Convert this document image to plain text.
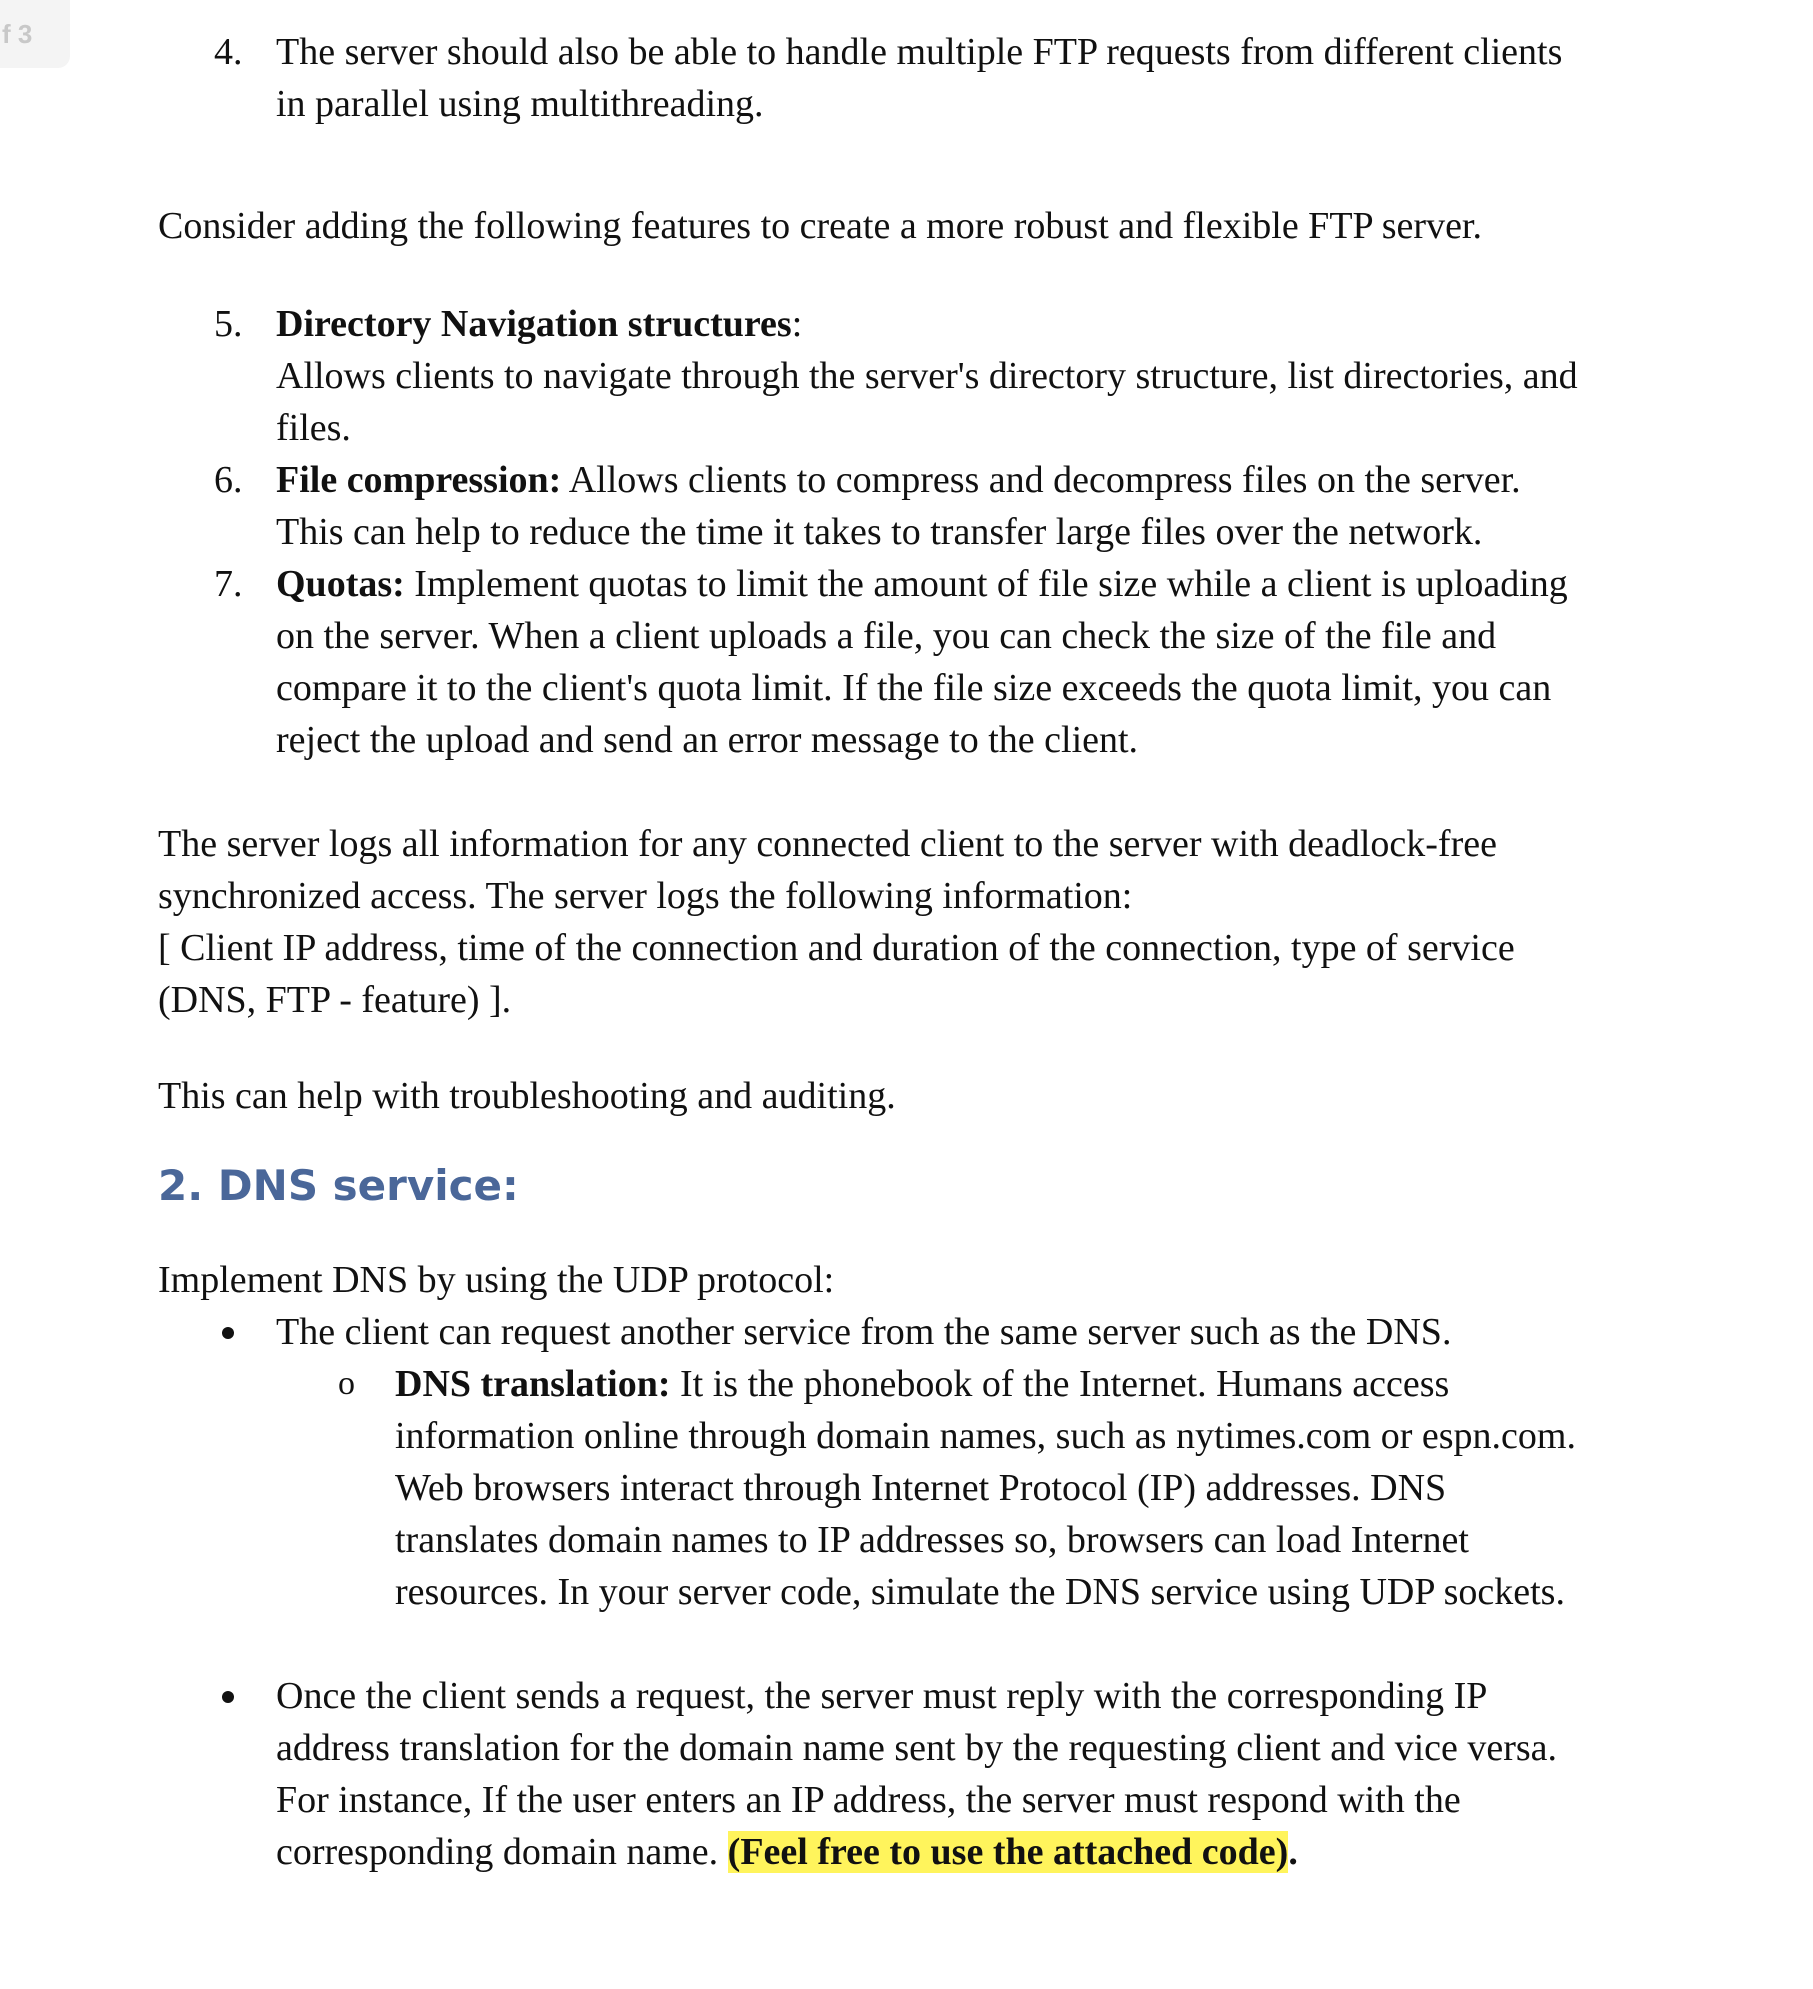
f 3	4. The server should also be able to handle multiple FTP requests from different clients
in parallel using multithreading.

Consider adding the following features to create a more robust and flexible FTP server.

5. Directory Navigation structures:
Allows clients to navigate through the server's directory structure, list directories, and
files.
6. File compression: Allows clients to compress and decompress files on the server.
This can help to reduce the time it takes to transfer large files over the network.
7. Quotas: Implement quotas to limit the amount of file size while a client is uploading
on the server. When a client uploads a file, you can check the size of the file and
compare it to the client's quota limit. If the file size exceeds the quota limit, you can
reject the upload and send an error message to the client.
The server logs all information for any connected client to the server with deadlock-free
synchronized access. The server logs the following information:
[ Client IP address, time of the connection and duration of the connection, type of service
(DNS, FTP - feature) ].

This can help with troubleshooting and auditing.

2. DNS service:

Implement DNS by using the UDP protocol:

The client can request another service from the same server such as the DNS.
o DNS translation: It is the phonebook of the Internet. Humans access
information online through domain names, such as nytimes.com or espn.com.
Web browsers interact through Internet Protocol (IP) addresses. DNS
translates domain names to IP addresses so, browsers can load Internet
resources. In your server code, simulate the DNS service using UDP sockets.
Once the client sends a request, the server must reply with the corresponding IP
address translation for the domain name sent by the requesting client and vice versa.
For instance, If the user enters an IP address, the server must respond with the
corresponding domain name. (Feel free to use the attached code).
